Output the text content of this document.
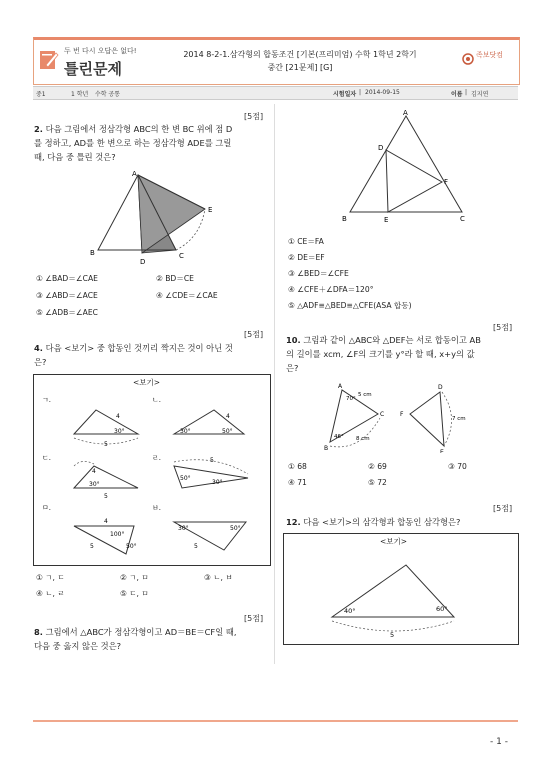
두 번 다시 오답은 없다!
틀린문제
2014 8-2-1.삼각형의 합동조건 [기본(프리미엄) 수학 1학년 2학기
중간 [21문제] [G]
족보닷컴
중1	1 학년 수학 공통	시험일자 | 2014-09-15	이름 | 김지연
[5점]
2. 다음 그림에서 정삼각형 ABC의 한 변 BC 위에 점 D
를 정하고, AD를 한 변으로 하는 정삼각형 ADE를 그릴
때, 다음 중 틀린 것은?
A
B	C
D
E
① ∠BAD＝∠CAE	② BD＝CE
③ ∠ABD＝∠ACE	④ ∠CDE＝∠CAE
⑤ ∠ADB＝∠AEC
[5점]
4. 다음 <보기> 중 합동인 것끼리 짝지은 것이 아닌 것
은?
<보기>
ㄱ.
4
30°
5
ㄴ.
4
30°	50°
ㄷ.
4
30°
5
ㄹ.	5
50°
30°
ㅁ.
4
100°
50°
5
ㅂ.
30°	50°
5
① ㄱ, ㄷ	② ㄱ, ㅁ	③ ㄴ, ㅂ
④ ㄴ, ㄹ	⑤ ㄷ, ㅁ
[5점]
8. 그림에서 △ABC가 정삼각형이고 AD＝BE＝CF일 때,
다음 중 옳지 않은 것은?
A
B	C
D
E
F
① CE＝FA
② DE＝EF
③ ∠BED＝∠CFE
④ ∠CFE＋∠DFA＝120°
⑤ △ADF≡△BED≡△CFE(ASA 합동)
[5점]
10. 그림과 같이 △ABC와 △DEF는 서로 합동이고 AB
의 길이를 xcm, ∠F의 크기를 y°라 할 때, x+y의 값
은?
A
B
C
70°
46°
5 cm
8 cm
D
F
E
7 cm
① 68	② 69	③ 70
④ 71	⑤ 72
[5점]
12. 다음 <보기>의 삼각형과 합동인 삼각형은?
<보기>
40°	60°
5
- 1 -
